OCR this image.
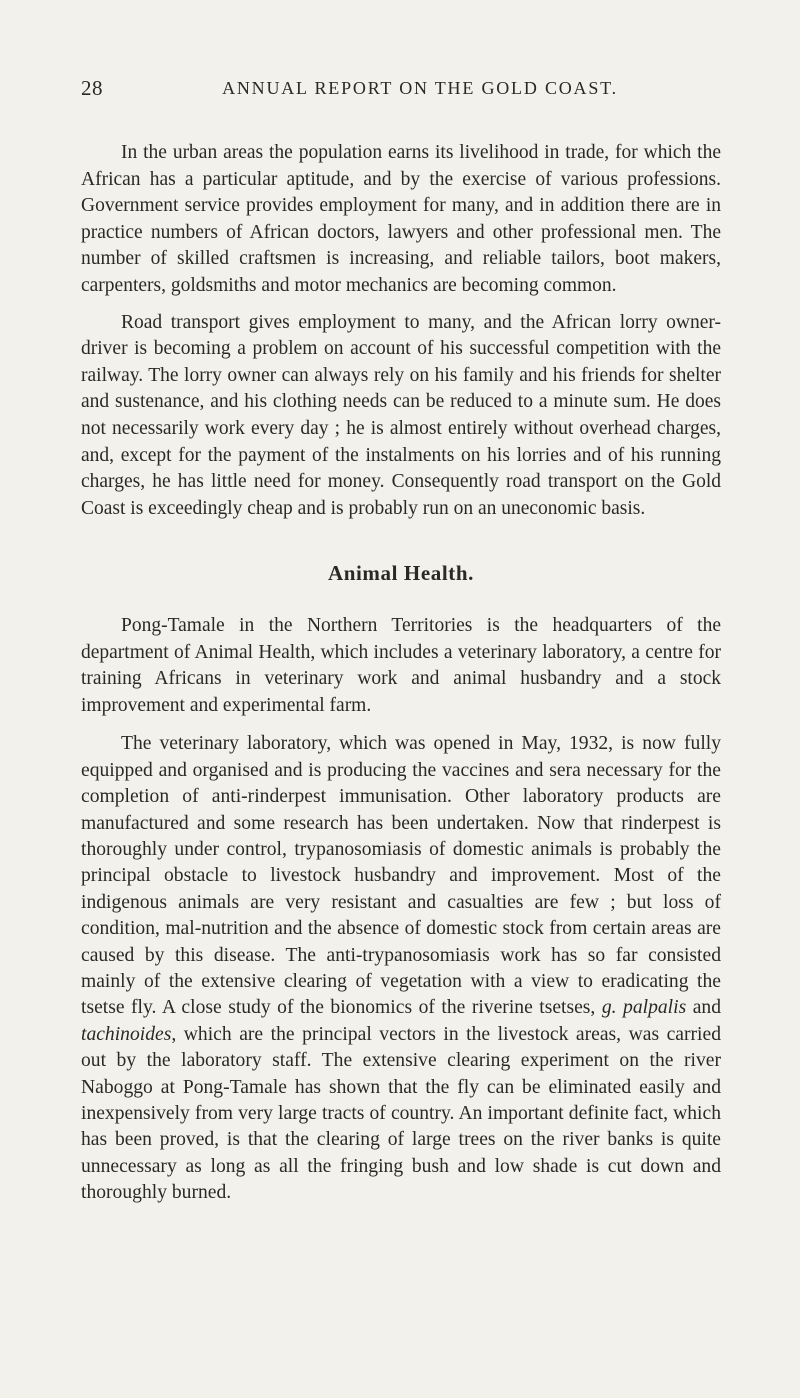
28	ANNUAL REPORT ON THE GOLD COAST.

In the urban areas the population earns its livelihood in trade, for which the African has a particular aptitude, and by the exercise of various professions. Government service provides employment for many, and in addition there are in practice numbers of African doctors, lawyers and other professional men. The number of skilled craftsmen is increasing, and reliable tailors, boot makers, carpenters, goldsmiths and motor mechanics are becoming common.

Road transport gives employment to many, and the African lorry owner-driver is becoming a problem on account of his successful competition with the railway. The lorry owner can always rely on his family and his friends for shelter and sustenance, and his clothing needs can be reduced to a minute sum. He does not necessarily work every day ; he is almost entirely without overhead charges, and, except for the payment of the instalments on his lorries and of his running charges, he has little need for money. Consequently road transport on the Gold Coast is exceedingly cheap and is probably run on an uneconomic basis.

Animal Health.

Pong-Tamale in the Northern Territories is the headquarters of the department of Animal Health, which includes a veterinary laboratory, a centre for training Africans in veterinary work and animal husbandry and a stock improvement and experimental farm.

The veterinary laboratory, which was opened in May, 1932, is now fully equipped and organised and is producing the vaccines and sera necessary for the completion of anti-rinderpest immunisation. Other laboratory products are manufactured and some research has been undertaken. Now that rinderpest is thoroughly under control, trypanosomiasis of domestic animals is probably the principal obstacle to livestock husbandry and improvement. Most of the indigenous animals are very resistant and casualties are few ; but loss of condition, mal-nutrition and the absence of domestic stock from certain areas are caused by this disease. The anti-trypanosomiasis work has so far consisted mainly of the extensive clearing of vegetation with a view to eradicating the tsetse fly. A close study of the bionomics of the riverine tsetses, g. palpalis and tachinoides, which are the principal vectors in the livestock areas, was carried out by the laboratory staff. The extensive clearing experiment on the river Naboggo at Pong-Tamale has shown that the fly can be eliminated easily and inexpensively from very large tracts of country. An important definite fact, which has been proved, is that the clearing of large trees on the river banks is quite unnecessary as long as all the fringing bush and low shade is cut down and thoroughly burned.
